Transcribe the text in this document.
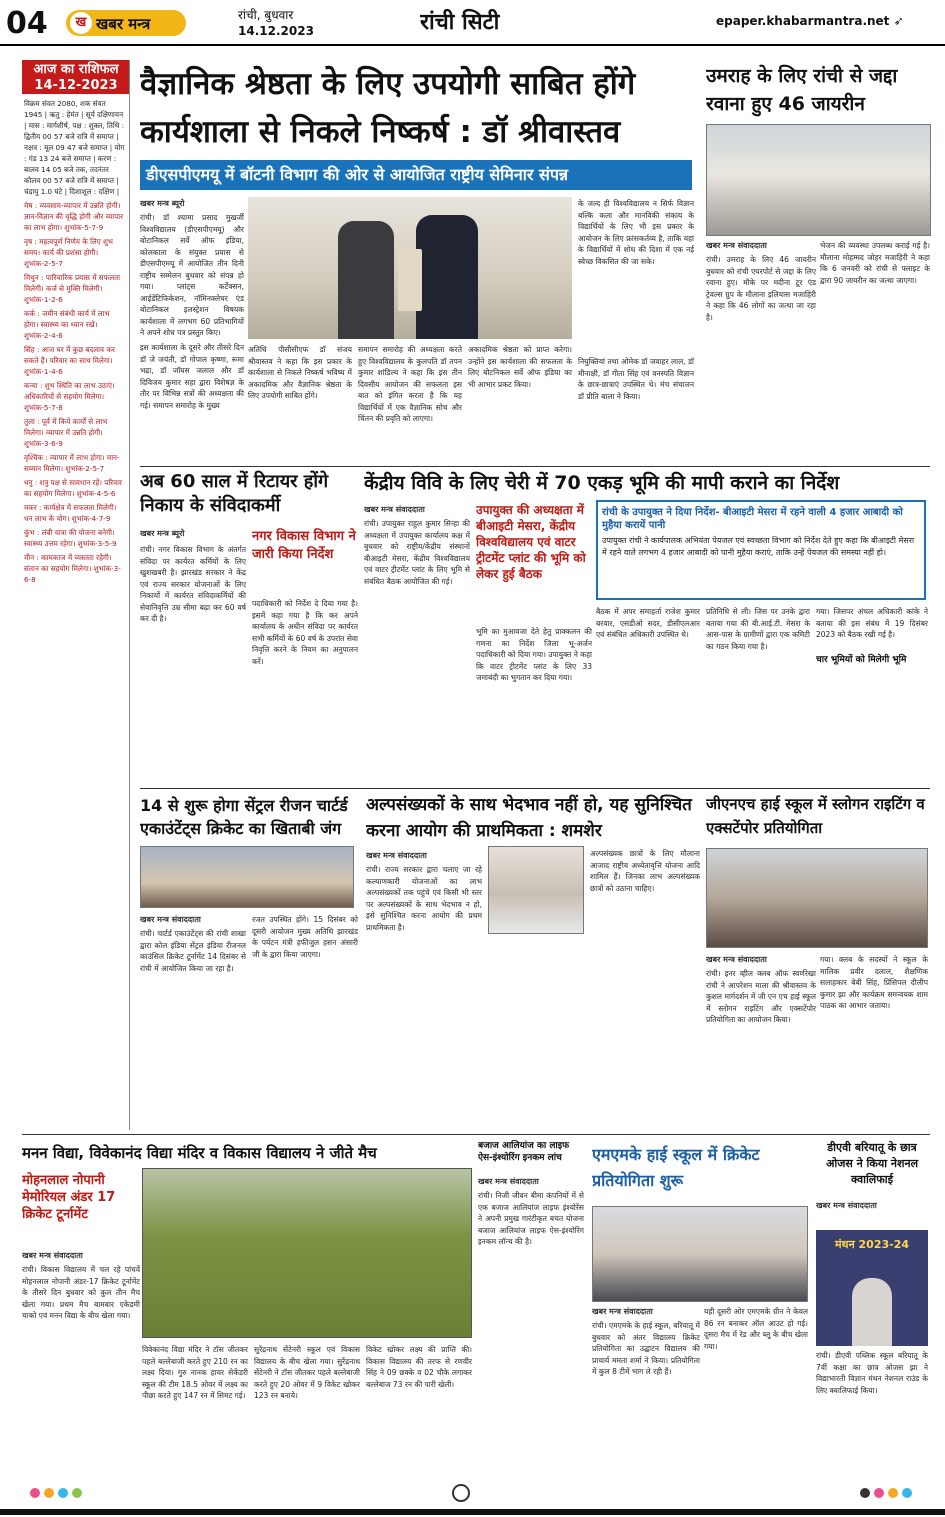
04	ख खबर मन्त्र	रांची, बुधवार
14.12.2023	रांची सिटी	epaper.khabarmantra.net ➶
आज का राशिफल
14-12-2023

विक्रम संवत 2080, शक संवत 1945 | ऋतु : हेमंत | सूर्य दक्षिणायन | मास : मार्गशीर्ष, पक्ष : शुक्ल, तिथि : द्वितीय 00 57 बजे रात्रि में समाप्त | नक्षत्र : मूल 09 47 बजे समाप्त | योग : गंड 13 24 बजे समाप्त | करण : बालव 14 05 बजे तक, तदनंतर कौलव 00 57 बजे रात्रि में समाप्त | चंद्रायु 1.0 घंटे | दिशाशूल : दक्षिण |

मेष : व्यवसाय-व्यापार में उन्नति होगी। ज्ञान-विज्ञान की वृद्धि होगी और व्यापार का लाभ होगा। शुभांक-5-7-9

वृष : महत्वपूर्ण निर्णय के लिए शुभ समय। कार्य की प्रशंसा होगी। शुभांक-2-5-7

मिथुन : पारिवारिक प्रयास में सफलता मिलेगी। कर्ज से मुक्ति मिलेगी। शुभांक-1-2-6

कर्क : जमीन संबंधी कार्य में लाभ होगा। स्वास्थ्य का ध्यान रखें। शुभांक-2-4-6

सिंह : आज घर में कुछ बदलाव कर सकते हैं। परिवार का साथ मिलेगा। शुभांक-1-4-6

कन्या : शुभ स्थिति का लाभ उठाएं। अधिकारियों से सहयोग मिलेगा। शुभांक-5-7-8

तुला : पूर्व में किये कार्यों से लाभ मिलेगा। व्यापार में उन्नति होगी। शुभांक-3-6-9

वृश्चिक : व्यापार में लाभ होगा। मान-सम्मान मिलेगा। शुभांक-2-5-7

धनु : शत्रु पक्ष से सावधान रहें। परिवार का सहयोग मिलेगा। शुभांक-4-5-6

मकर : कार्यक्षेत्र में सफलता मिलेगी। धन लाभ के योग। शुभांक-4-7-9

कुंभ : लंबी यात्रा की योजना बनेगी। स्वास्थ्य उत्तम रहेगा। शुभांक-3-5-9

मीन : कामकाज में व्यस्तता रहेगी। संतान का सहयोग मिलेगा। शुभांक-3-6-8

वैज्ञानिक श्रेष्ठता के लिए उपयोगी साबित होंगे कार्यशाला से निकले निष्कर्ष : डॉ श्रीवास्तव
डीएसपीएमयू में बॉटनी विभाग की ओर से आयोजित राष्ट्रीय सेमिनार संपन्न
खबर मन्त्र ब्यूरो
रांची। डॉ श्यामा प्रसाद मुखर्जी विश्वविद्यालय (डीएसपीएमयू) और बोटानिकल सर्वे ऑफ इंडिया, कोलकाता के संयुक्त प्रयास से डीएसपीएमयू में आयोजित तीन दिनी राष्ट्रीय सम्मेलन बुधवार को संपन्न हो गया। प्लांट्स कर्टेक्सन, आईडेंटिफिकेशन, नॉमिनक्लेचर एंड बोटानिकल इलस्ट्रेशन विषयक कार्यशाला में लगभग 60 प्रतिभागियों ने अपने शोध पत्र प्रस्तुत किए।
इस कार्यशाला के दूसरे और तीसरे दिन डॉ जे जयंती, डॉ गोपाल कृष्णा, रूमा भद्रा, डॉ जॉयस जलाल और डॉ दिविजय कुमार सहा द्वारा विशेषज्ञ के तौर पर विभिन्न सत्रों की अध्यक्षता की गई। समापन समारोह के मुख्य
अतिथि पीसीसीएफ डॉ संजय श्रीवास्तव ने कहा कि इस प्रकार के कार्यशाला से निकले निष्कर्ष भविष्य में अकादमिक और वैज्ञानिक श्रेष्ठता के लिए उपयोगी साबित होंगे।
समापन समारोह की अध्यक्षता करते हुए विश्वविद्यालय के कुलपति डॉ तपन कुमार शांडिल्य ने कहा कि इस तीन दिवसीय आयोजन की सफलता इस बात को इंगित करता है कि यह विद्यार्थियों में एक वैज्ञानिक सोच और चिंतन की प्रवृति को लाएगा।
अकादमिक श्रेष्ठता को प्राप्त करेगा। उन्होंने इस कार्यशाला की सफलता के लिए बोटनिकल सर्वे ऑफ इंडिया का भी आभार प्रकट किया।
के जल्द ही विश्वविद्यालय न सिर्फ विज्ञान बल्कि कला और मानविकी संकाय के विद्यार्थियों के लिए भी इस प्रकार के आयोजन के लिए फ्रांसकर्तव्य है, ताकि यहां के विद्यार्थियों में शोध की दिशा में एक नई स्वेच्छ विकसित की जा सके।
नियुक्तियां तथा ओमेक डॉ जवाहर लाल, डॉ मीनाक्षी, डॉ गीता सिंह एवं वनस्पति विज्ञान के छात्र-छात्राएं उपस्थित थे। मंच संचालन डॉ प्रीति बाला ने किया।
उमराह के लिए रांची से जद्दा रवाना हुए 46 जायरीन
खबर मन्त्र संवाददाता
रांची। उमराह के लिए 46 जायरीन बुधवार को रांची एयरपोर्ट से जद्दा के लिए रवाना हुए। मौके पर मदीना टूर एंड ट्रेवल्स ग्रुप के मौलाना इलियास मजाहिरी ने कहा कि 46 लोगों का जत्था जा रहा है।
भेजन की व्यवस्था उपलब्ध कराई गई है। मौलाना मोहम्मद जोहर मजाहिरी ने कहा कि 6 जनवरी को रांची से फ्लाइट के द्वारा 90 जायरीन का जत्था जाएगा।
अब 60 साल में रिटायर होंगे निकाय के संविदाकर्मी
खबर मन्त्र ब्यूरो
रांची। नगर विकास विभाग के अंतर्गत संविदा पर कार्यरत कर्मियों के लिए खुशखबरी है। झारखंड सरकार ने केंद्र एवं राज्य सरकार योजनाओं के लिए निकायों में कार्यरत संविदाकर्मियों की सेवानिवृत्ति उम्र सीमा बढ़ा कर 60 वर्ष कर दी है।
नगर विकास विभाग ने जारी किया निर्देश
पदाधिकारी को निर्देश दे दिया गया है। इसमें कहा गया है कि कर अपने कार्यालय के अधीन संविदा पर कार्यरत सभी कर्मियों के 60 वर्ष के उपरांत सेवा निवृत्ति करने के नियम का अनुपालन करें।
केंद्रीय विवि के लिए चेरी में 70 एकड़ भूमि की मापी कराने का निर्देश
खबर मन्त्र संवाददाता
रांची। उपायुक्त राहुल कुमार सिन्हा की अध्यक्षता में उपायुक्त कार्यालय कक्ष में बुधवार को राष्ट्रीय/केंद्रीय संस्थानों बीआइटी मेसरा, केंद्रीय विश्वविद्यालय एवं वाटर ट्रीटमेंट प्लांट के लिए भूमि से संबंधित बैठक आयोजित की गई।
उपायुक्त की अध्यक्षता में बीआइटी मेसरा, केंद्रीय विश्वविद्यालय एवं वाटर ट्रीटमेंट प्लांट की भूमि को लेकर हुई बैठक
भूमि का मुआवजा देते हेतु प्राक्कलन की गणना का निर्देश जिला भू-अर्जन पदाधिकारी को दिया गया। उपायुक्त ने कहा कि वाटर ट्रीटमेंट प्लांट के लिए 33 जमाबंदी का भुगतान कर दिया गया।
रांची के उपायुक्त ने दिया निर्देश- बीआइटी मेसरा में रहने वाली 4 हजार आबादी को मुहैया करायें पानी
उपायुक्त रांची ने कार्यपालक अभियंता पेयजल एवं स्वच्छता विभाग को निर्देश देते हुए कहा कि बीआइटी मेसरा में रहने वाले लगभग 4 हजार आबादी को पानी मुहैया कराएं, ताकि उन्हें पेयजल की समस्या नहीं हो।
बैठक में अपर समाहर्ता राजेश कुमार बरवार, एसडीओ सदर, डीसीएलआर एवं संबंधित अधिकारी उपस्थित थे।
प्रतिनिधि से ली। जिस पर उनके द्वारा बताया गया की बी.आई.टी. मेसरा के आस-पास के ग्रामीणों द्वारा एक कमिटी का गठन किया गया है।
गया। जिसपर अंचल अधिकारी कांके ने बताया की इस संबंध में 19 दिसंबर 2023 को बैठक रखी गई है।
चार भूमियों को मिलेगी भूमि
14 से शुरू होगा सेंट्रल रीजन चार्टर्ड एकाउंटेंट्स क्रिकेट का खिताबी जंग
खबर मन्त्र संवाददाता
रांची। चार्टर्ड एकाउंटेंट्स की रांची शाखा द्वारा कोल इंडिया सेंट्रल इंडिया रीजनल काउंसिल क्रिकेट टूर्नामेंट 14 दिसंबर से रांची में आयोजित किया जा रहा है।
रजत उपस्थित होंगे। 15 दिसंबर को दूसरी आयोजन मुख्य अतिथि झारखंड के पर्यटन मंत्री हफीजुल हसन अंसारी जी के द्वारा किया जाएगा।
अल्पसंख्यकों के साथ भेदभाव नहीं हो, यह सुनिश्चित करना आयोग की प्राथमिकता : शमशेर
खबर मन्त्र संवाददाता
रांची। राज्य सरकार द्वारा चलाए जा रहे कल्याणकारी योजनाओं का लाभ अल्पसंख्यकों तक पहुंचे एवं किसी भी स्तर पर अल्पसंख्यकों के साथ भेदभाव न हो, इसे सुनिश्चित करना आयोग की प्रथम प्राथमिकता है।
अल्पसंख्यक छात्रों के लिए मौलाना आजाद राष्ट्रीय अध्येतावृत्ति योजना आदि शामिल हैं। जिनका लाभ अल्पसंख्यक छात्रों को उठाना चाहिए।
जीएनएच हाई स्कूल में स्लोगन राइटिंग व एक्सटेंपोर प्रतियोगिता
खबर मन्त्र संवाददाता
रांची। इनर व्हील क्लब ऑफ स्वर्णरेखा रांची ने आपरेशन माला की श्रीवास्तव के कुशल मार्गदर्शन में जी एन एच हाई स्कूल में स्लोगन राइटिंग और एक्सटेंपोर प्रतियोगिता का आयोजन किया।
गया। क्लब के सदस्यों ने स्कूल के मालिक प्रवीर दलाल, शैक्षणिक सलाहकार बेबी सिंह, प्रिंसिपल दीलीप कुमार झा और कार्यक्रम समन्वयक शाम पाठक का आभार जताया।
मनन विद्या, विवेकानंद विद्या मंदिर व विकास विद्यालय ने जीते मैच
मोहनलाल नोपानी मेमोरियल अंडर 17 क्रिकेट टूर्नामेंट
खबर मन्त्र संवाददाता
रांची। विकास विद्यालय में चल रहे पांचवें मोहनलाल नोपानी अंडर-17 क्रिकेट टूर्नामेंट के तीसरे दिन बुधवार को कुल तीन मैच खेला गया। प्रथम मैच बामबार एकेडमी चाको एवं मनन विद्या के बीच खेला गया।
विवेकानंद विद्या मंदिर ने टॉस जीतकर पहले बल्लेबाजी करते हुए 210 रन का लक्ष्य दिया। गुरु नानक हायर सेकेंडरी स्कूल की टीम 18.5 ओवर में लक्ष्य का पीछा करते हुए 147 रन में सिमट गई।
सुरेंद्रनाथ सेंटेनरी स्कूल एवं विकास विद्यालय के बीच खेला गया। सुरेंद्रनाथ सेंटेनरी ने टॉस जीतकर पहले बल्लेबाजी करते हुए 20 ओवर में 9 विकेट खोकर 123 रन बनाये।
विकेट खोकर लक्ष्य की प्राप्ति की। विकास विद्यालय की तरफ से रणवीर सिंह ने 09 छक्के व 02 चौके लगाकर बल्लेबाज 73 रन की पारी खेली।
बजाज आलियांज का लाइफ ऐस-इंश्योरिंग इनकम लांच
खबर मन्त्र संवाददाता
रांची। निजी जीवन बीमा कंपनियों में से एक बजाज आलियांज लाइफ इंश्योरेंस ने अपनी प्रमुख गारंटीकृत बचत योजना बजाज आलियांज लाइफ ऐस-इंश्योरिंग इनकम लॉन्च की है।
एमएमके हाई स्कूल में क्रिकेट प्रतियोगिता शुरू
खबर मन्त्र संवाददाता
रांची। एमएमके के हाई स्कूल, बरियातू में बुधवार को अंतर विद्यालय क्रिकेट प्रतियोगिता का उद्घाटन विद्यालय की प्राचार्य ममता शर्मा ने किया। प्रतियोगिता में कुल 8 टीमें भाग ले रही हैं।
यही दूसरी ओर एमएमके ग्रीन ने केवल 86 रन बनाकर ऑल आउट हो गई। दूसरा मैच में रेड और ब्लू के बीच खेला गया।
डीएवी बरियातू के छात्र ओजस ने किया नेशनल क्वालिफाई
मंथन 2023-24
खबर मन्त्र संवाददाता
रांची। डीएवी पब्लिक स्कूल बरियातू के 7वीं कक्षा का छात्र ओजस झा ने विद्याभारती विज्ञान मंथन नेशनल राउंड के लिए क्वालिफाई किया।
